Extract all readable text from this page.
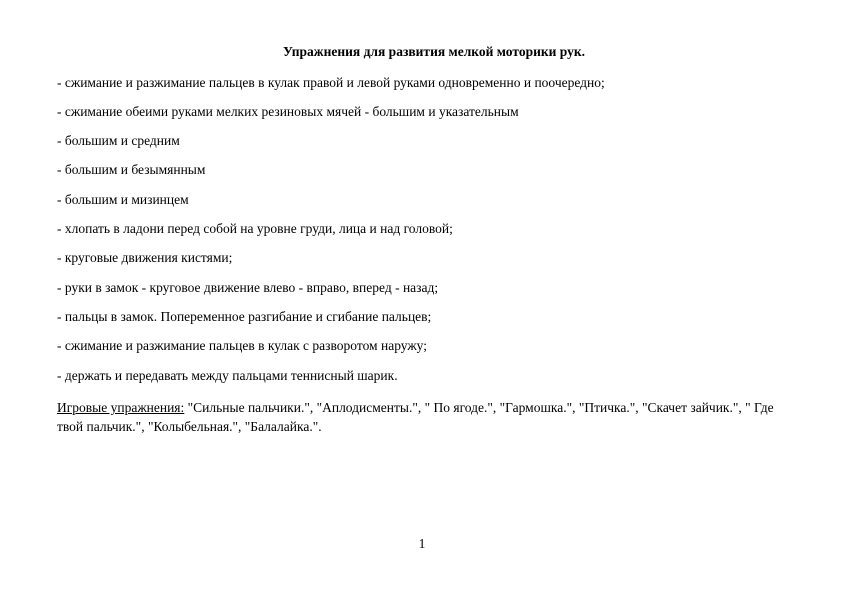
Упражнения для развития мелкой моторики рук.
- сжимание и разжимание пальцев в кулак правой и левой руками одновременно и поочередно;
- сжимание обеими руками мелких резиновых мячей - большим и указательным
- большим и средним
- большим и безымянным
- большим и мизинцем
- хлопать в ладони перед собой на уровне груди, лица и над головой;
- круговые движения кистями;
- руки в замок - круговое движение влево - вправо, вперед - назад;
- пальцы в замок. Попеременное разгибание и сгибание пальцев;
- сжимание и разжимание пальцев в кулак с разворотом наружу;
- держать и передавать между пальцами теннисный шарик.
Игровые упражнения: "Сильные пальчики.", "Аплодисменты.", " По ягоде.", "Гармошка.", "Птичка.", "Скачет зайчик.", " Где твой пальчик.", "Колыбельная.", "Балалайка.".
1
